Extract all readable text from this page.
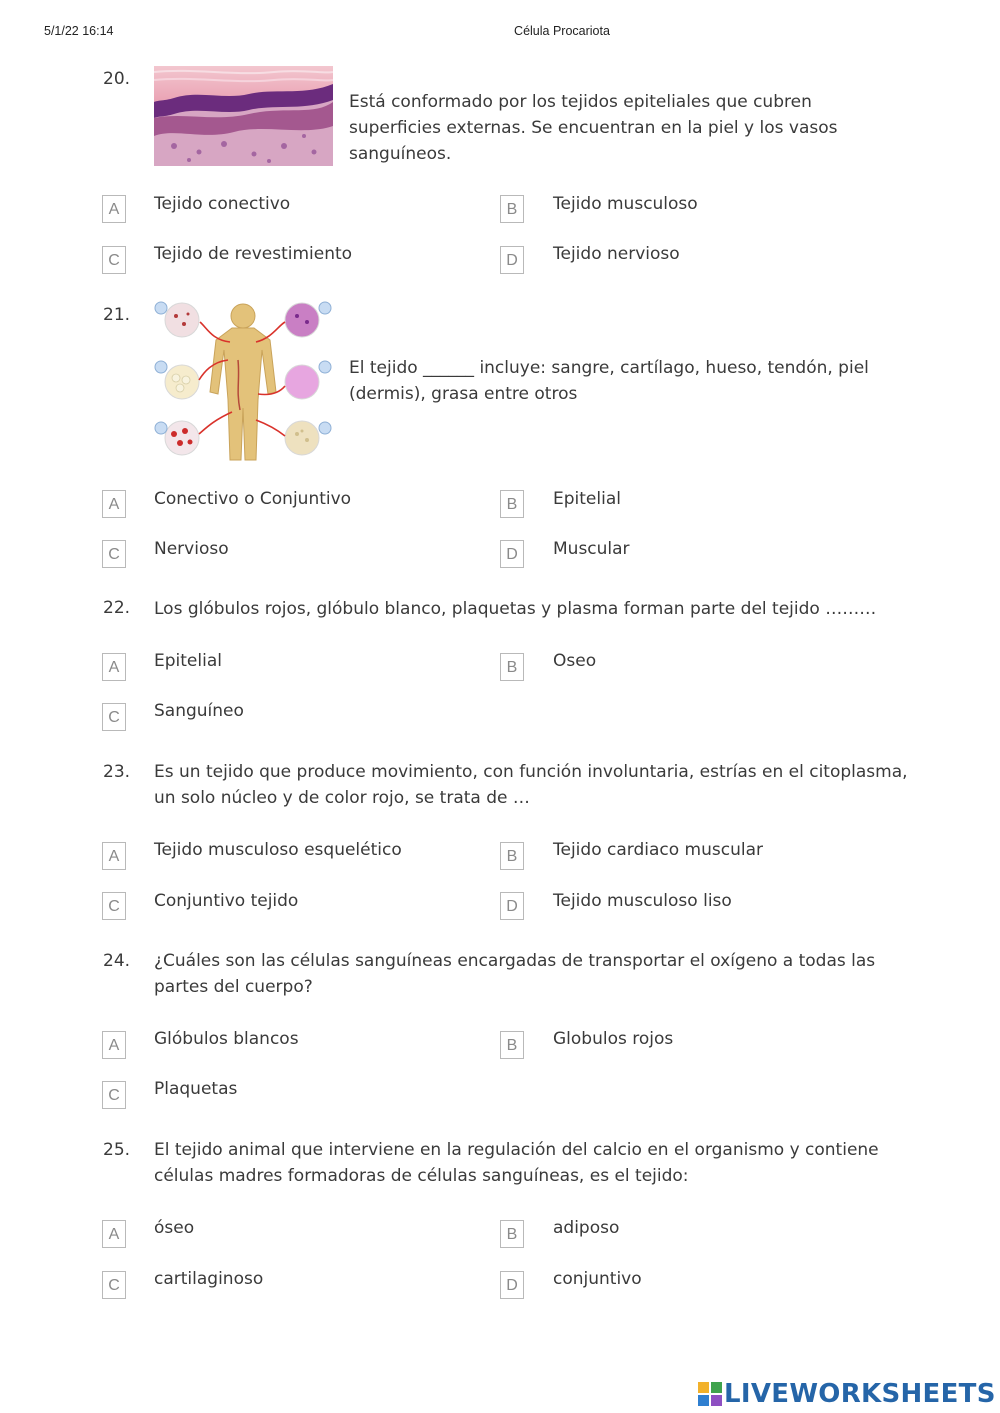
5/1/22 16:14	Célula Procariota
20.
Está conformado por los tejidos epiteliales que cubren superficies externas. Se encuentran en la piel y los vasos sanguíneos.
A	Tejido conectivo	B	Tejido musculoso
C	Tejido de revestimiento	D	Tejido nervioso
21.
El tejido ______ incluye: sangre, cartílago, hueso, tendón, piel (dermis), grasa entre otros
A	Conectivo o Conjuntivo	B	Epitelial
C	Nervioso	D	Muscular
22. Los glóbulos rojos, glóbulo blanco, plaquetas y plasma forman parte del tejido ………
A	Epitelial	B	Oseo
C	Sanguíneo
23. Es un tejido que produce movimiento, con función involuntaria, estrías en el citoplasma, un solo núcleo y de color rojo, se trata de …
A	Tejido musculoso esquelético	B	Tejido cardiaco muscular
C	Conjuntivo tejido	D	Tejido musculoso liso
24. ¿Cuáles son las células sanguíneas encargadas de transportar el oxígeno a todas las partes del cuerpo?
A	Glóbulos blancos	B	Globulos rojos
C	Plaquetas
25. El tejido animal que interviene en la regulación del calcio en el organismo y contiene células madres formadoras de células sanguíneas, es el tejido:
A	óseo	B	adiposo
C	cartilaginoso	D	conjuntivo
LIVEWORKSHEETS
